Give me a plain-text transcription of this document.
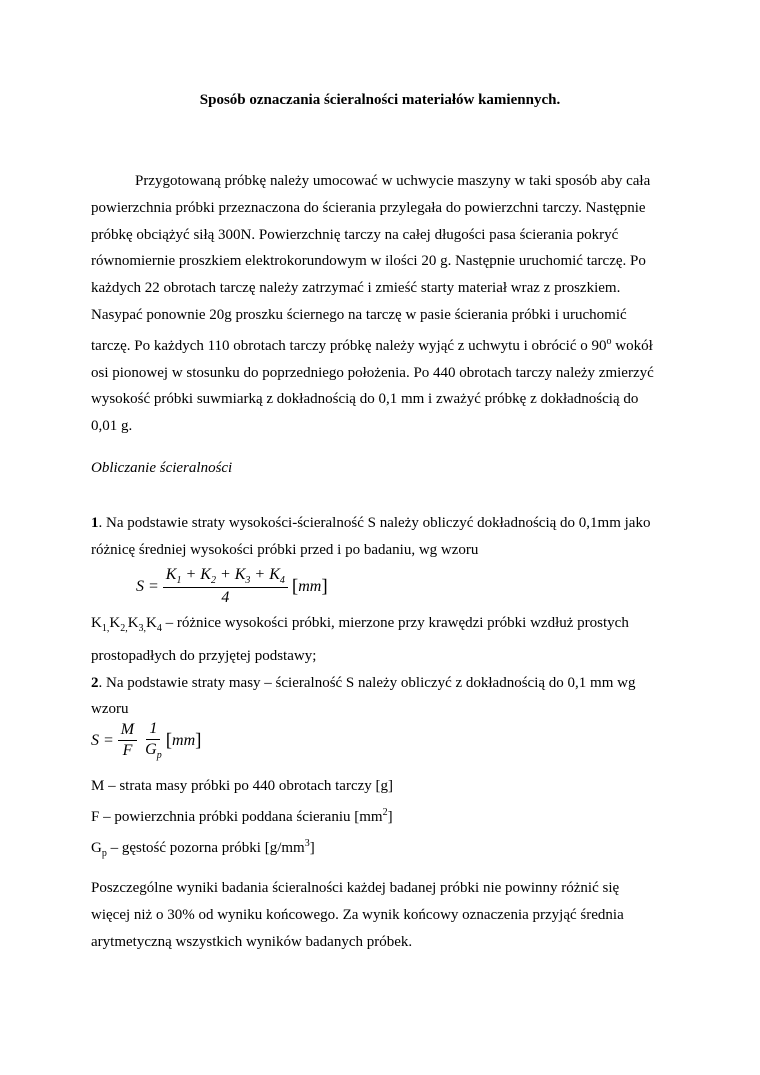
Sposób oznaczania ścieralności materiałów kamiennych.
Przygotowaną próbkę należy umocować w uchwycie maszyny w taki sposób aby cała
powierzchnia próbki przeznaczona do ścierania przylegała do powierzchni tarczy. Następnie
próbkę obciążyć siłą 300N. Powierzchnię tarczy na całej długości pasa ścierania pokryć
równomiernie proszkiem elektrokorundowym w ilości 20 g. Następnie uruchomić tarczę. Po
każdych 22 obrotach tarczę należy zatrzymać i zmieść starty materiał wraz z proszkiem.
Nasypać ponownie 20g proszku ściernego na tarczę w pasie ścierania próbki i uruchomić
tarczę. Po każdych 110 obrotach tarczy próbkę należy wyjąć z uchwytu i obrócić o 90$^o$ wokół
osi pionowej w stosunku do poprzedniego położenia. Po 440 obrotach tarczy należy zmierzyć
wysokość próbki suwmiarką z dokładnością do 0,1 mm i zważyć próbkę z dokładnością do
0,01 g.
Obliczanie ścieralności
1. Na podstawie straty wysokości-ścieralność S należy obliczyć dokładnością do 0,1mm jako
różnicę średniej wysokości próbki przed i po badaniu, wg wzoru
$S = \frac{K_1 + K_2 + K_3 + K_4}{4}$ [ mm ]
$K_{1,}K_{2,}K_{3,}K_4$ – różnice wysokości próbki, mierzone przy krawędzi próbki wzdłuż prostych
prostopadłych do przyjętej podstawy;
2. Na podstawie straty masy – ścieralność S należy obliczyć z dokładnością do 0,1 mm wg
wzoru
$S = \frac{M}{F} \frac{1}{G_p}$ [ mm ]
M – strata masy próbki po 440 obrotach tarczy [g]
F – powierzchnia próbki poddana ścieraniu $[mm^2]$
$G_p$ – gęstość pozorna próbki $[g/mm^3]$
Poszczególne wyniki badania ścieralności każdej badanej próbki nie powinny różnić się
więcej niż o 30% od wyniku końcowego. Za wynik końcowy oznaczenia przyjąć średnia
arytmetyczną wszystkich wyników badanych próbek.
